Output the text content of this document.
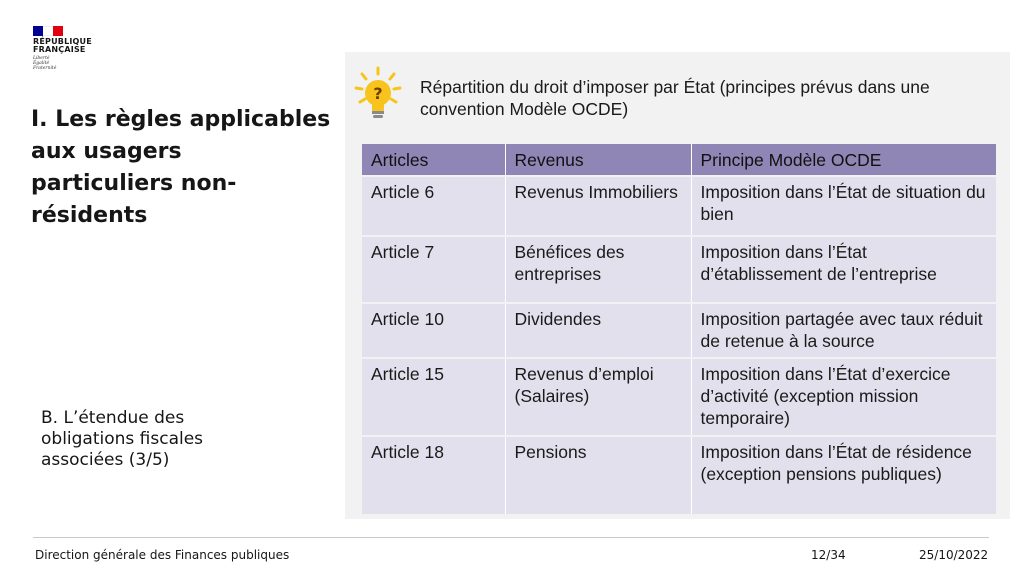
RÉPUBLIQUE
FRANÇAISE
Liberté
Égalité
Fraternité
I. Les règles applicables aux usagers particuliers non-résidents
B. L’étendue des obligations fiscales associées (3/5)
? Répartition du droit d’imposer par État (principes prévus dans une convention Modèle OCDE)
Articles	Revenus	Principe Modèle OCDE
Article 6	Revenus Immobiliers	Imposition dans l’État de situation du bien
Article 7	Bénéfices des entreprises	Imposition dans l’État d’établissement de l’entreprise
Article 10	Dividendes	Imposition partagée avec taux réduit de retenue à la source
Article 15	Revenus d’emploi (Salaires)	Imposition dans l’État d’exercice d’activité (exception mission temporaire)
Article 18	Pensions	Imposition dans l’État de résidence (exception pensions publiques)
Direction générale des Finances publiques	12/34	25/10/2022
